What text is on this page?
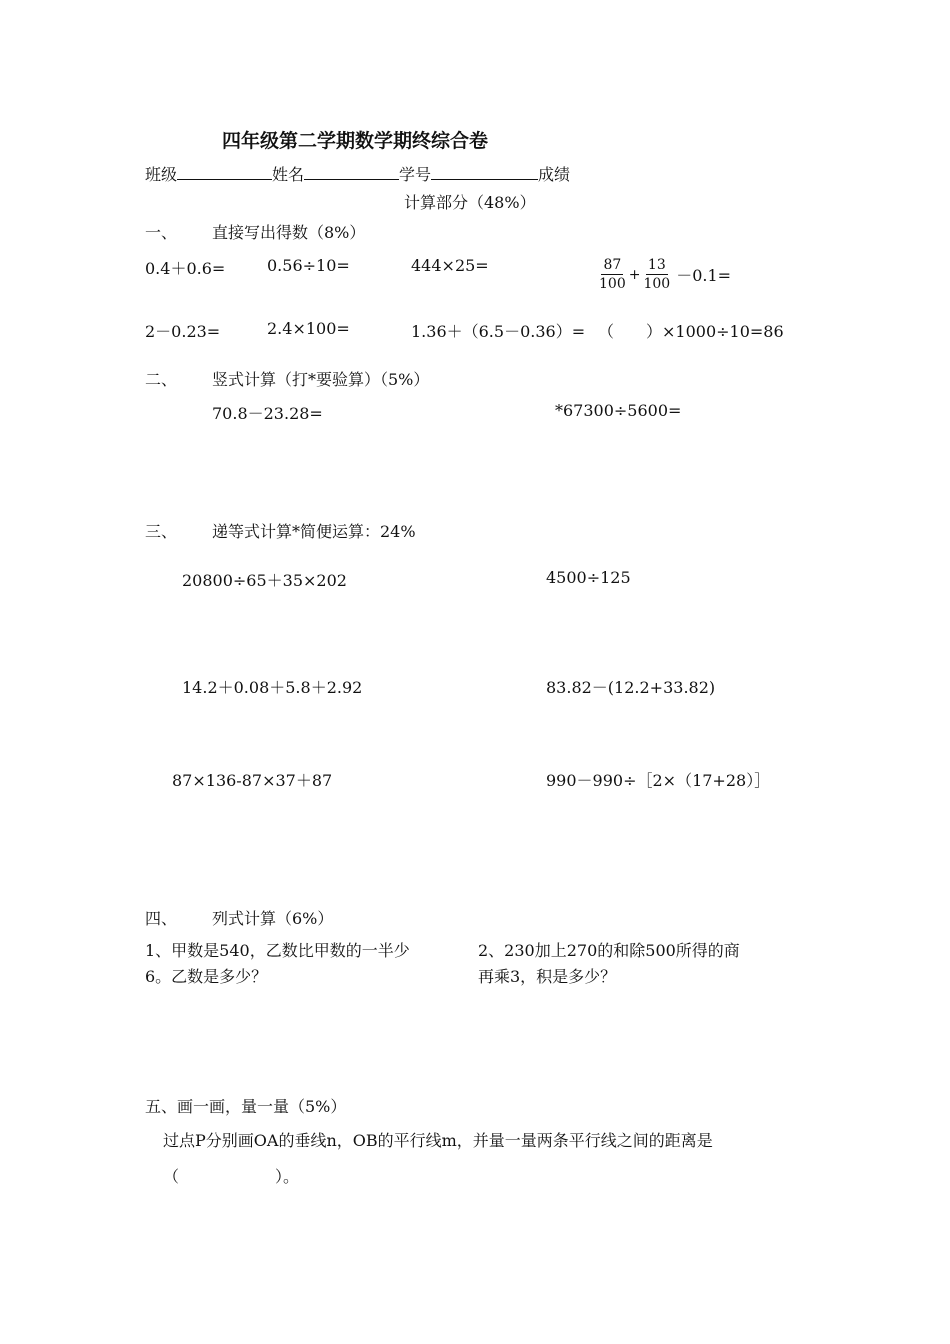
四年级第二学期数学期终综合卷
班级	姓名	学号	成绩
计算部分（48%）
一、 直接写出得数（8%）
0.4＋0.6=	0.56÷10=	444×25=	$\frac{87}{100} + \frac{13}{100} -0.1=$
2－0.23=	2.4×100=	1.36＋（6.5－0.36）= （　　）×1000÷10=86
二、 竖式计算（打*要验算）（5%）
70.8－23.28=	*67300÷5600=
三、 递等式计算*简便运算：24%
20800÷65＋35×202	4500÷125
14.2＋0.08＋5.8＋2.92	83.82－(12.2+33.82)
87×136-87×37＋87	990－990÷［2×（17+28）］
四、 列式计算（6%）
1、甲数是540，乙数比甲数的一半少
6。乙数是多少？
2、230加上270的和除500所得的商
再乘3，积是多少？
五、画一画，量一量（5%）
过点P分别画OA的垂线n，OB的平行线m，并量一量两条平行线之间的距离是
（　　　　　　）。
